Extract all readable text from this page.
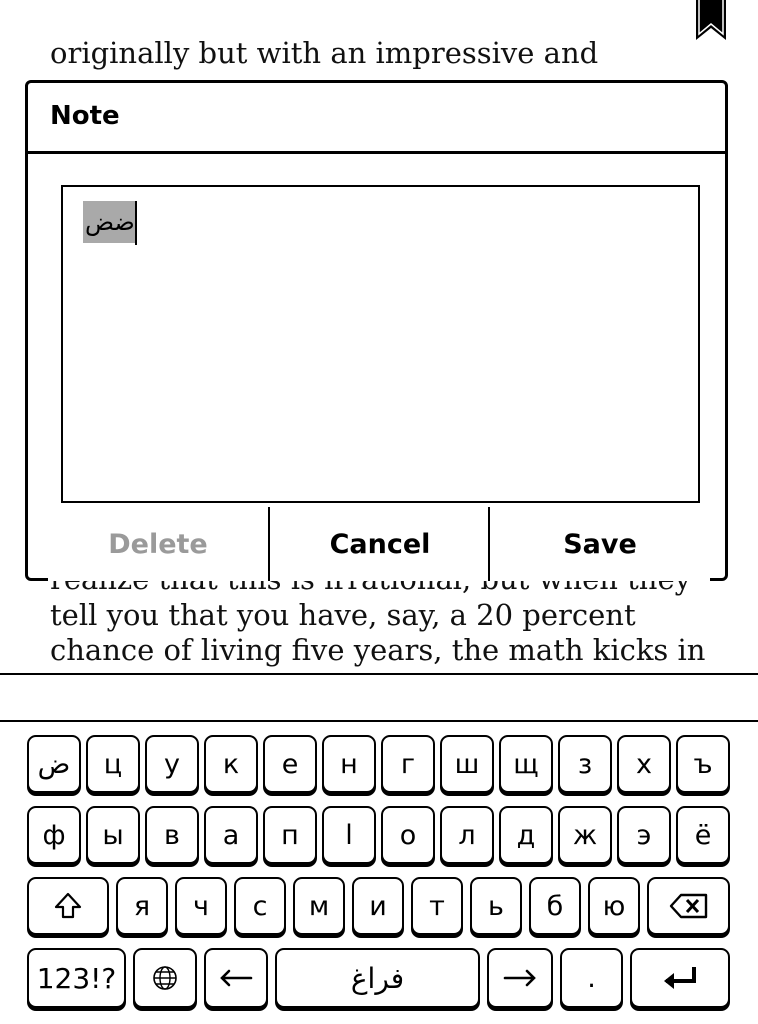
originally but with an impressive and
tell you that you have, say, a 20 percent
chance of living five years, the math kicks in
Note
ضض
Delete	Cancel	Save
ض	ц	у	к	е	н	г	ш	щ	з	х	ъ
ф	ы	в	а	п	ا	о	л	д	ж	э	ё
я	ч	с	м	и	т	ь	б	ю
123!?	فراغ	.
